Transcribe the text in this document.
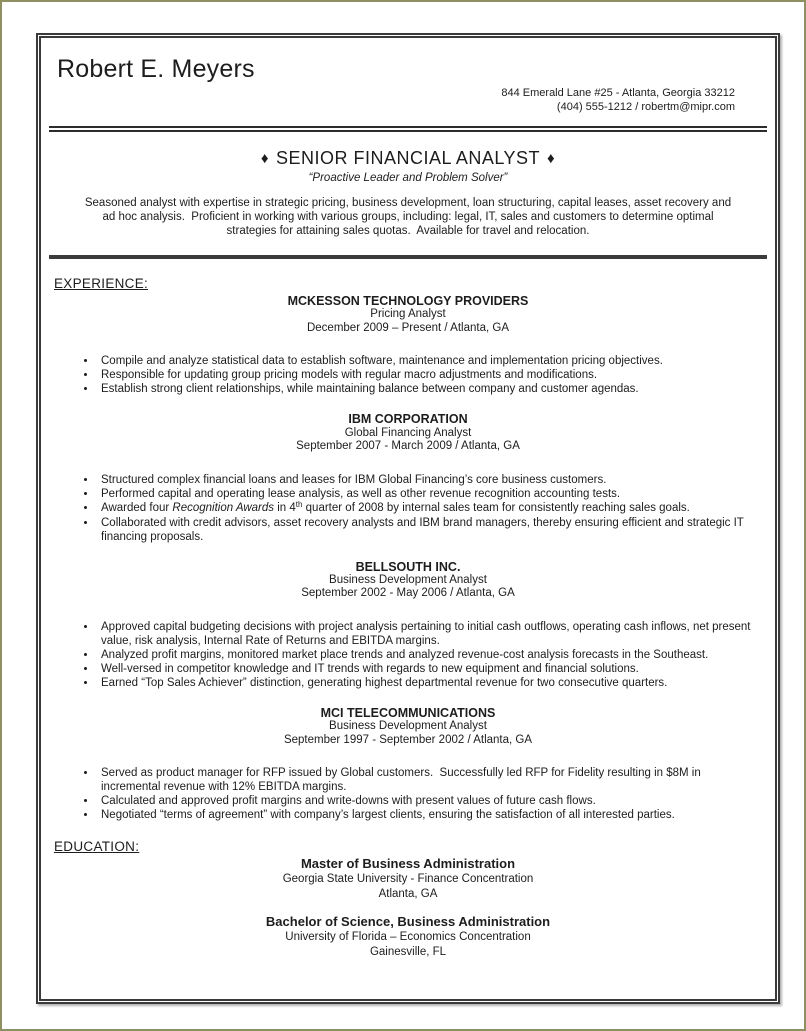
Robert E. Meyers
844 Emerald Lane #25 - Atlanta, Georgia 33212
(404) 555-1212 / robertm@mipr.com
♦ SENIOR FINANCIAL ANALYST ♦
“Proactive Leader and Problem Solver”
Seasoned analyst with expertise in strategic pricing, business development, loan structuring, capital leases, asset recovery and
ad hoc analysis.  Proficient in working with various groups, including: legal, IT, sales and customers to determine optimal
strategies for attaining sales quotas.  Available for travel and relocation.
EXPERIENCE:
MCKESSON TECHNOLOGY PROVIDERS
Pricing Analyst
December 2009 – Present / Atlanta, GA
• Compile and analyze statistical data to establish software, maintenance and implementation pricing objectives.
• Responsible for updating group pricing models with regular macro adjustments and modifications.
• Establish strong client relationships, while maintaining balance between company and customer agendas.
IBM CORPORATION
Global Financing Analyst
September 2007 - March 2009 / Atlanta, GA
• Structured complex financial loans and leases for IBM Global Financing’s core business customers.
• Performed capital and operating lease analysis, as well as other revenue recognition accounting tests.
• Awarded four Recognition Awards in 4th quarter of 2008 by internal sales team for consistently reaching sales goals.
• Collaborated with credit advisors, asset recovery analysts and IBM brand managers, thereby ensuring efficient and strategic IT financing proposals.
BELLSOUTH INC.
Business Development Analyst
September 2002 - May 2006 / Atlanta, GA
• Approved capital budgeting decisions with project analysis pertaining to initial cash outflows, operating cash inflows, net present value, risk analysis, Internal Rate of Returns and EBITDA margins.
• Analyzed profit margins, monitored market place trends and analyzed revenue-cost analysis forecasts in the Southeast.
• Well-versed in competitor knowledge and IT trends with regards to new equipment and financial solutions.
• Earned “Top Sales Achiever” distinction, generating highest departmental revenue for two consecutive quarters.
MCI TELECOMMUNICATIONS
Business Development Analyst
September 1997 - September 2002 / Atlanta, GA
• Served as product manager for RFP issued by Global customers.  Successfully led RFP for Fidelity resulting in $8M in incremental revenue with 12% EBITDA margins.
• Calculated and approved profit margins and write-downs with present values of future cash flows.
• Negotiated “terms of agreement” with company’s largest clients, ensuring the satisfaction of all interested parties.
EDUCATION:
Master of Business Administration
Georgia State University - Finance Concentration
Atlanta, GA
Bachelor of Science, Business Administration
University of Florida – Economics Concentration
Gainesville, FL
